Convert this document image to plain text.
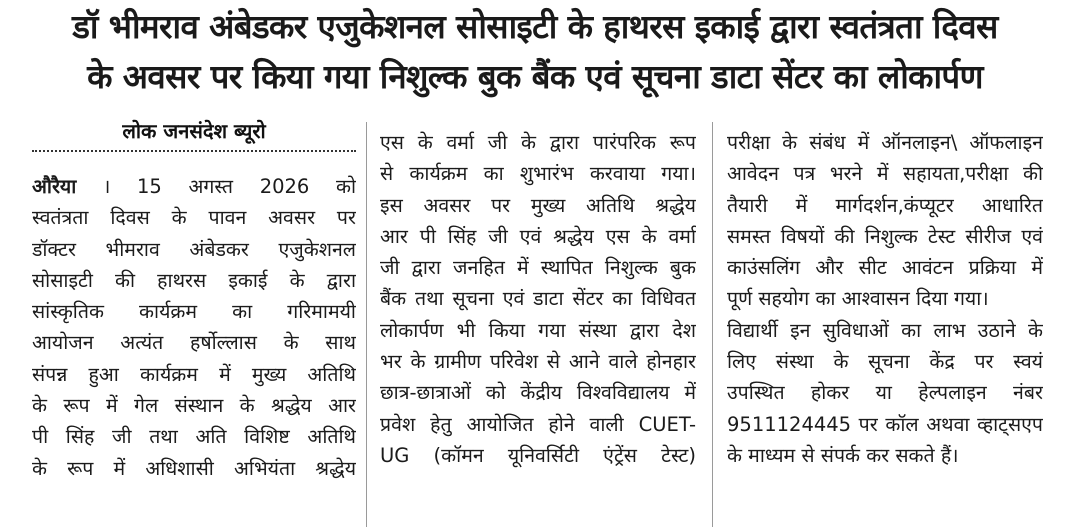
डॉ भीमराव अंबेडकर एजुकेशनल सोसाइटी के हाथरस इकाई द्वारा स्वतंत्रता दिवस
के अवसर पर किया गया निशुल्क बुक बैंक एवं सूचना डाटा सेंटर का लोकार्पण
लोक जनसंदेश ब्यूरो
औरैया । 15 अगस्त 2026 को
स्वतंत्रता दिवस के पावन अवसर पर
डॉक्टर भीमराव अंबेडकर एजुकेशनल
सोसाइटी की हाथरस इकाई के द्वारा
सांस्कृतिक कार्यक्रम का गरिमामयी
आयोजन अत्यंत हर्षोल्लास के साथ
संपन्न हुआ कार्यक्रम में मुख्य अतिथि
के रूप में गेल संस्थान के श्रद्धेय आर
पी सिंह जी तथा अति विशिष्ट अतिथि
के रूप में अधिशासी अभियंता श्रद्धेय
एस के वर्मा जी के द्वारा पारंपरिक रूप
से कार्यक्रम का शुभारंभ करवाया गया।
इस अवसर पर मुख्य अतिथि श्रद्धेय
आर पी सिंह जी एवं श्रद्धेय एस के वर्मा
जी द्वारा जनहित में स्थापित निशुल्क बुक
बैंक तथा सूचना एवं डाटा सेंटर का विधिवत
लोकार्पण भी किया गया संस्था द्वारा देश
भर के ग्रामीण परिवेश से आने वाले होनहार
छात्र-छात्राओं को केंद्रीय विश्वविद्यालय में
प्रवेश हेतु आयोजित होने वाली CUET-
UG (कॉमन यूनिवर्सिटी एंट्रेंस टेस्ट)
परीक्षा के संबंध में ऑनलाइन\ ऑफलाइन
आवेदन पत्र भरने में सहायता,परीक्षा की
तैयारी में मार्गदर्शन,कंप्यूटर आधारित
समस्त विषयों की निशुल्क टेस्ट सीरीज एवं
काउंसलिंग और सीट आवंटन प्रक्रिया में
पूर्ण सहयोग का आश्वासन दिया गया।
विद्यार्थी इन सुविधाओं का लाभ उठाने के
लिए संस्था के सूचना केंद्र पर स्वयं
उपस्थित होकर या हेल्पलाइन नंबर
9511124445 पर कॉल अथवा व्हाट्सएप
के माध्यम से संपर्क कर सकते हैं।
